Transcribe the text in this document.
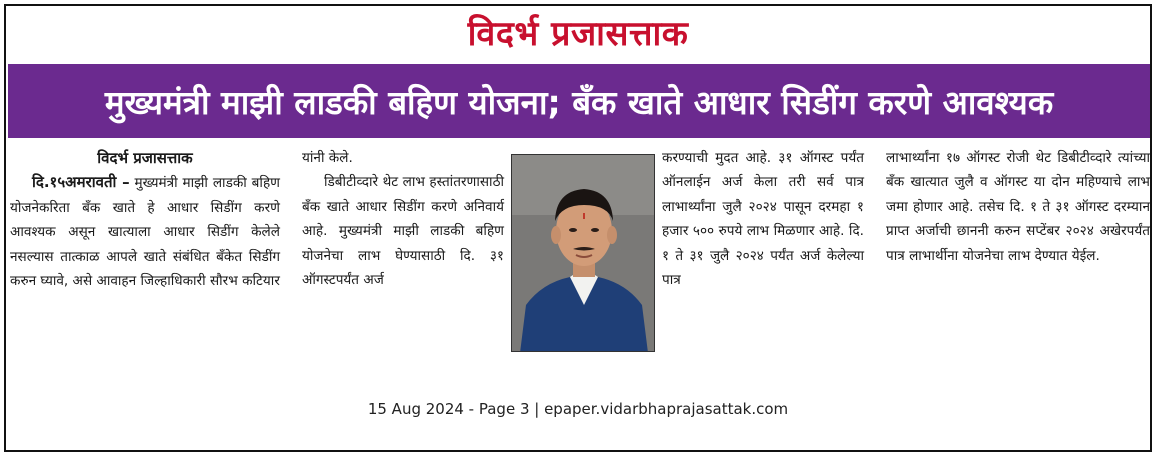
विदर्भ प्रजासत्ताक
मुख्यमंत्री माझी लाडकी बहिण योजना; बँक खाते आधार सिडींग करणे आवश्यक
विदर्भ प्रजासत्ताक

दि.१५अमरावती – मुख्यमंत्री माझी लाडकी बहिण योजनेकरिता बँक खाते हे आधार सिडींग करणे आवश्यक असून खात्याला आधार सिडींग केलेले नसल्यास तात्काळ आपले खाते संबंधित बँकेत सिडींग करुन घ्यावे, असे आवाहन जिल्हाधिकारी सौरभ कटियार

यांनी केले.

डिबीटीव्दारे थेट लाभ हस्तांतरणासाठी बँक खाते आधार सिडींग करणे अनिवार्य आहे. मुख्यमंत्री माझी लाडकी बहिण योजनेचा लाभ घेण्यासाठी दि. ३१ ऑगस्टपर्यंत अर्ज

करण्याची मुदत आहे. ३१ ऑगस्ट पर्यंत ऑनलाईन अर्ज केला तरी सर्व पात्र लाभार्थ्यांना जुलै २०२४ पासून दरमहा १ हजार ५०० रुपये लाभ मिळणार आहे. दि. १ ते ३१ जुलै २०२४ पर्यंत अर्ज केलेल्या पात्र

लाभार्थ्यांना १७ ऑगस्ट रोजी थेट डिबीटीव्दारे त्यांच्या बँक खात्यात जुलै व ऑगस्ट या दोन महिण्याचे लाभ जमा होणार आहे. तसेच दि. १ ते ३१ ऑगस्ट दरम्यान प्राप्त अर्जाची छाननी करुन सप्टेंबर २०२४ अखेरपर्यंत पात्र लाभार्थीना योजनेचा लाभ देण्यात येईल.

15 Aug 2024 - Page 3 | epaper.vidarbhaprajasattak.com
